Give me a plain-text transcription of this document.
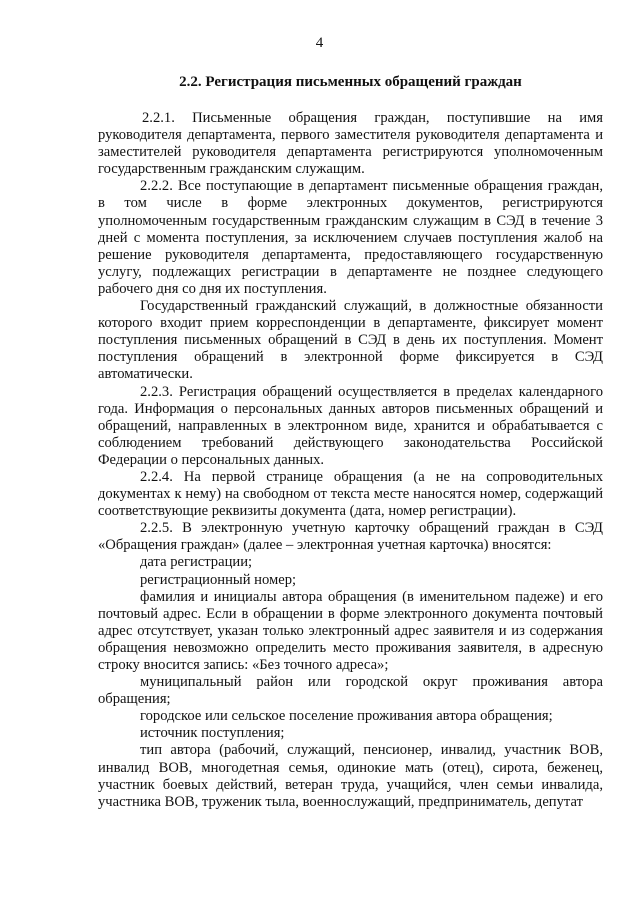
4
2.2. Регистрация письменных обращений граждан

2.2.1. Письменные обращения граждан, поступившие на имя руководителя департамента, первого заместителя руководителя департамента и заместителей руководителя департамента регистрируются уполномоченным государственным гражданским служащим.

2.2.2. Все поступающие в департамент письменные обращения граждан, в том числе в форме электронных документов, регистрируются уполномоченным государственным гражданским служащим в СЭД в течение 3 дней с момента поступления, за исключением случаев поступления жалоб на решение руководителя департамента, предоставляющего государственную услугу, подлежащих регистрации в департаменте не позднее следующего рабочего дня со дня их поступления.

Государственный гражданский служащий, в должностные обязанности которого входит прием корреспонденции в департаменте, фиксирует момент поступления письменных обращений в СЭД в день их поступления. Момент поступления обращений в электронной форме фиксируется в СЭД автоматически.

2.2.3. Регистрация обращений осуществляется в пределах календарного года. Информация о персональных данных авторов письменных обращений и обращений, направленных в электронном виде, хранится и обрабатывается с соблюдением требований действующего законодательства Российской Федерации о персональных данных.

2.2.4. На первой странице обращения (а не на сопроводительных документах к нему) на свободном от текста месте наносятся номер, содержащий соответствующие реквизиты документа (дата, номер регистрации).

2.2.5. В электронную учетную карточку обращений граждан в СЭД «Обращения граждан» (далее – электронная учетная карточка) вносятся:

дата регистрации;

регистрационный номер;

фамилия и инициалы автора обращения (в именительном падеже) и его почтовый адрес. Если в обращении в форме электронного документа почтовый адрес отсутствует, указан только электронный адрес заявителя и из содержания обращения невозможно определить место проживания заявителя, в адресную строку вносится запись: «Без точного адреса»;

муниципальный район или городской округ проживания автора обращения;

городское или сельское поселение проживания автора обращения;

источник поступления;

тип автора (рабочий, служащий, пенсионер, инвалид, участник ВОВ, инвалид ВОВ, многодетная семья, одинокие мать (отец), сирота, беженец, участник боевых действий, ветеран труда, учащийся, член семьи инвалида, участника ВОВ, труженик тыла, военнослужащий, предприниматель, депутат
